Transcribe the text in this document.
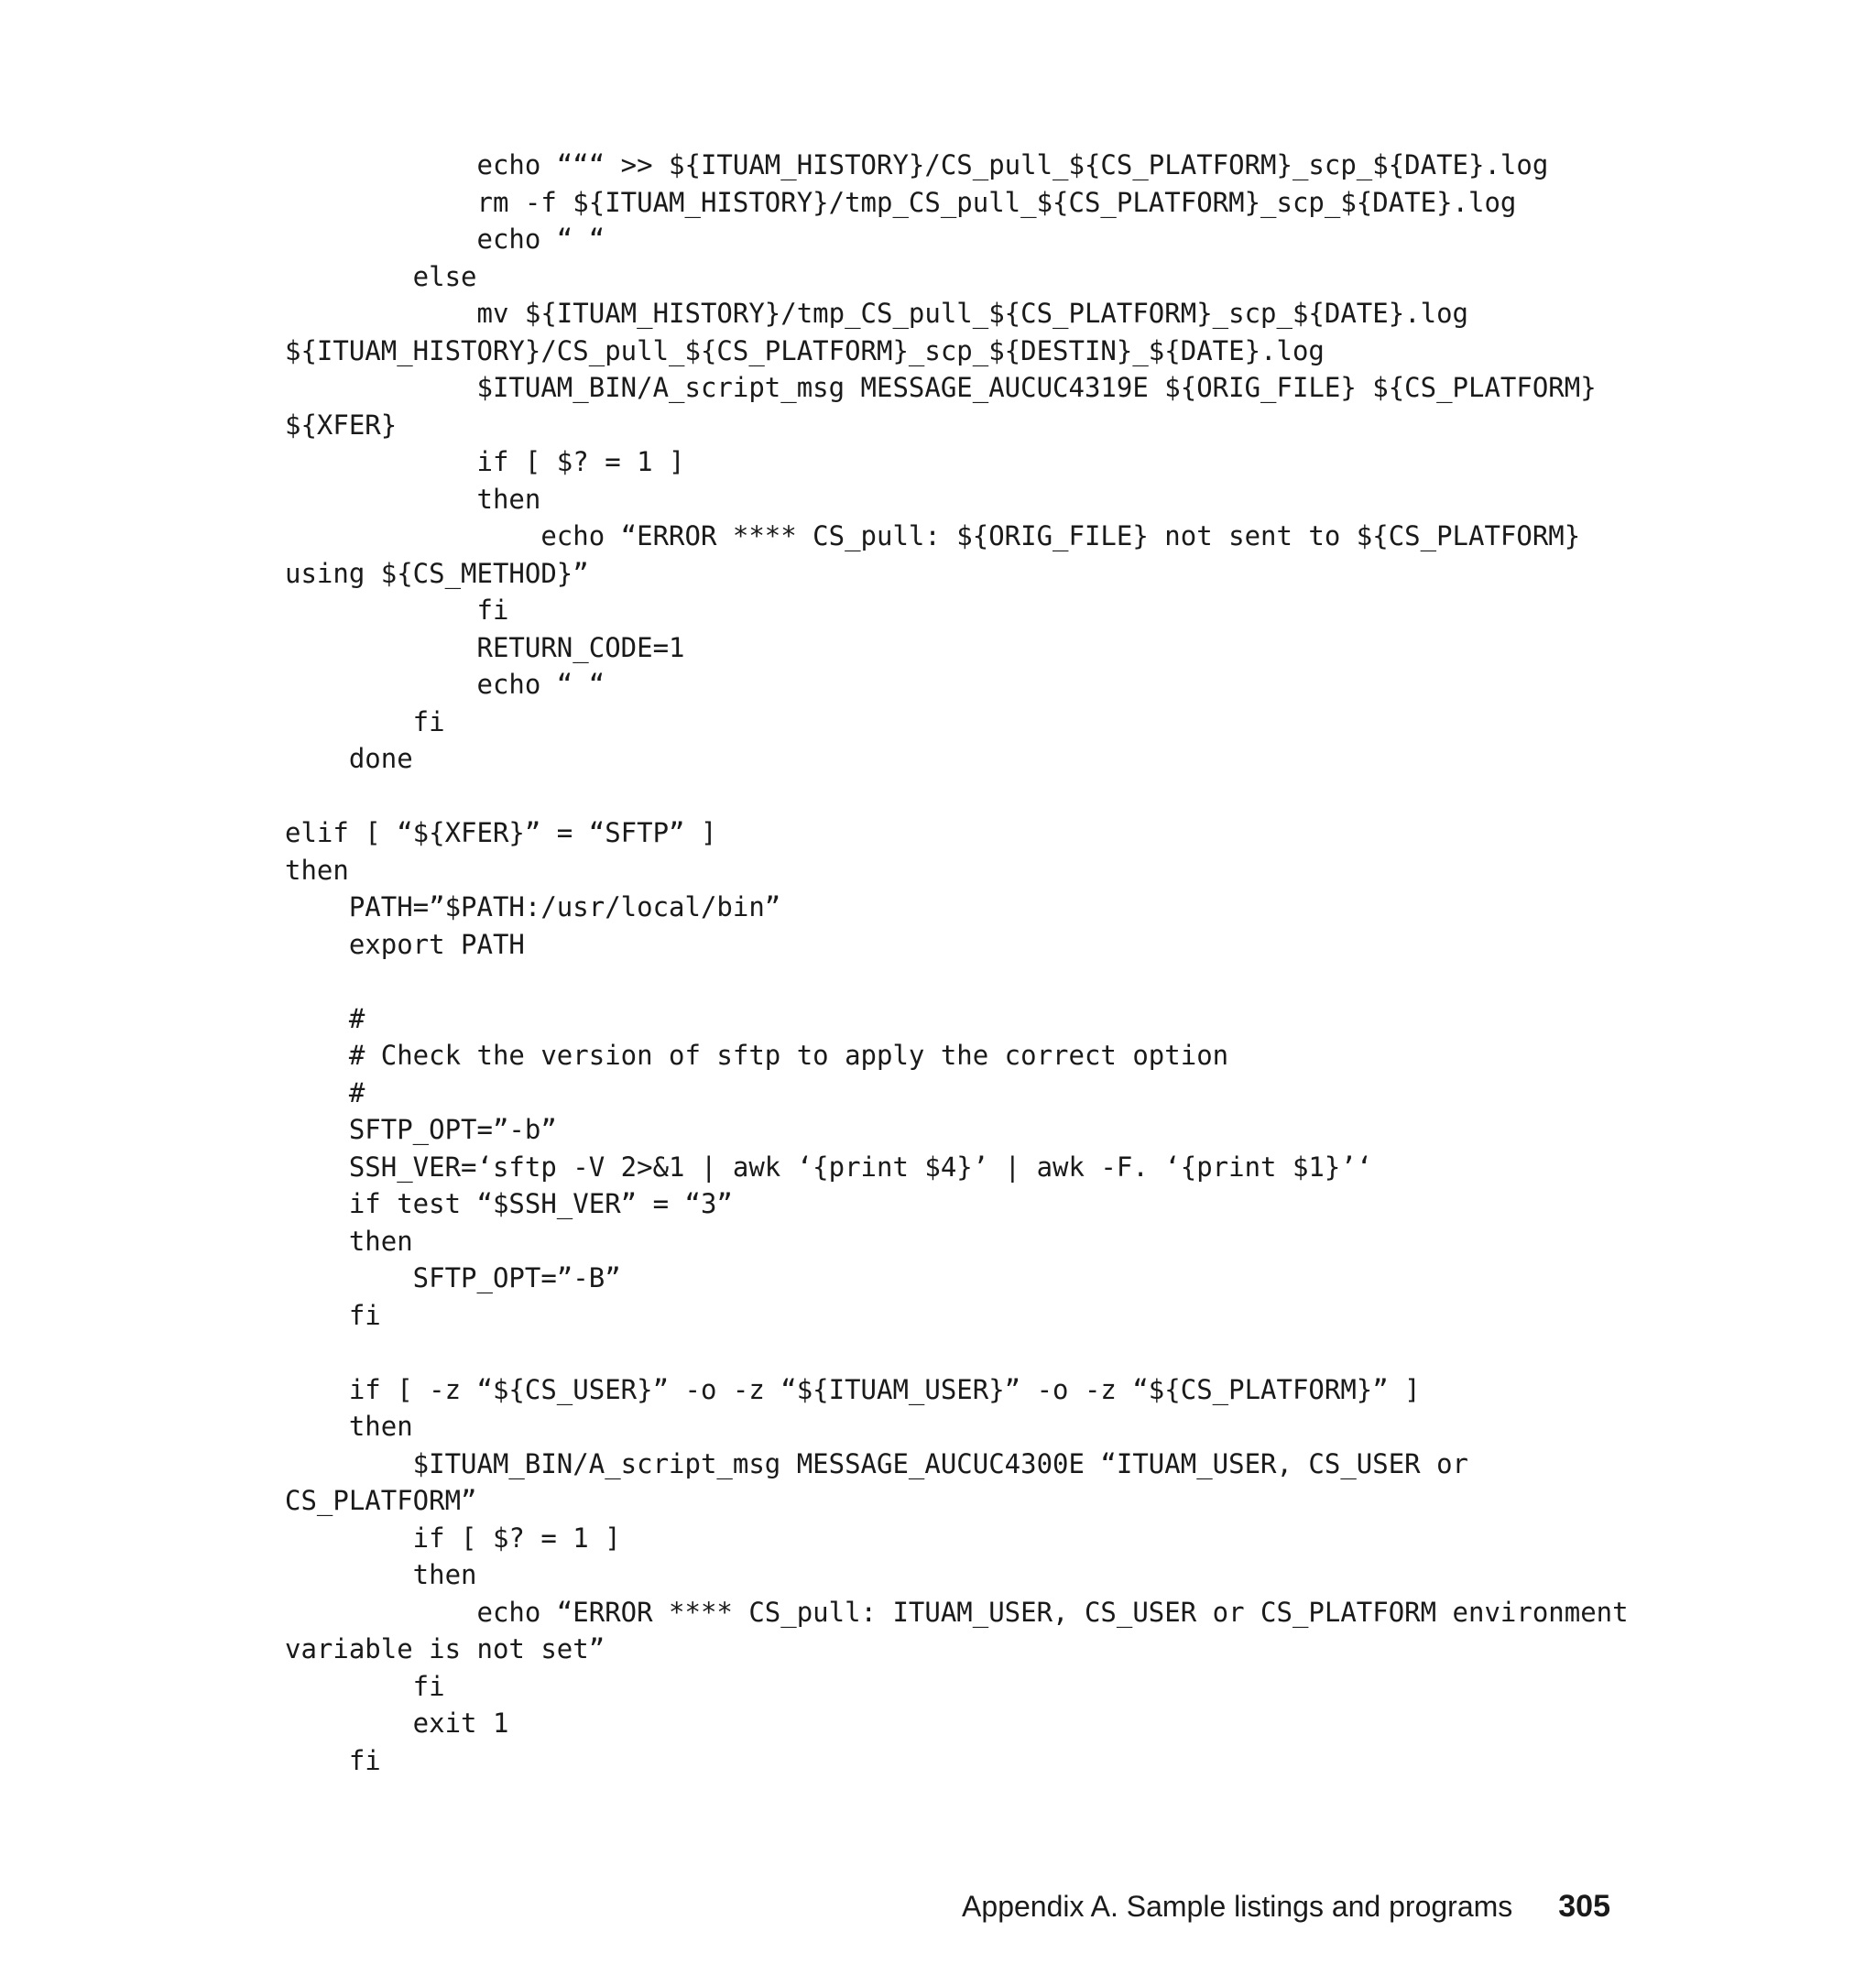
echo “““ >> ${ITUAM_HISTORY}/CS_pull_${CS_PLATFORM}_scp_${DATE}.log
rm -f ${ITUAM_HISTORY}/tmp_CS_pull_${CS_PLATFORM}_scp_${DATE}.log
echo “ “
else
mv ${ITUAM_HISTORY}/tmp_CS_pull_${CS_PLATFORM}_scp_${DATE}.log
${ITUAM_HISTORY}/CS_pull_${CS_PLATFORM}_scp_${DESTIN}_${DATE}.log
$ITUAM_BIN/A_script_msg MESSAGE_AUCUC4319E ${ORIG_FILE} ${CS_PLATFORM}
${XFER}
if [ $? = 1 ]
then
echo “ERROR **** CS_pull: ${ORIG_FILE} not sent to ${CS_PLATFORM}
using ${CS_METHOD}”
fi
RETURN_CODE=1
echo “ “
fi
done
elif [ “${XFER}” = “SFTP” ]
then
PATH=”$PATH:/usr/local/bin”
export PATH
#
# Check the version of sftp to apply the correct option
#
SFTP_OPT=”-b”
SSH_VER=‘sftp -V 2>&1 | awk ‘{print $4}’ | awk -F. ‘{print $1}’‘
if test “$SSH_VER” = “3”
then
SFTP_OPT=”-B”
fi
if [ -z “${CS_USER}” -o -z “${ITUAM_USER}” -o -z “${CS_PLATFORM}” ]
then
$ITUAM_BIN/A_script_msg MESSAGE_AUCUC4300E “ITUAM_USER, CS_USER or
CS_PLATFORM”
if [ $? = 1 ]
then
echo “ERROR **** CS_pull: ITUAM_USER, CS_USER or CS_PLATFORM environment
variable is not set”
fi
exit 1
fi
Appendix A. Sample listings and programs 305
